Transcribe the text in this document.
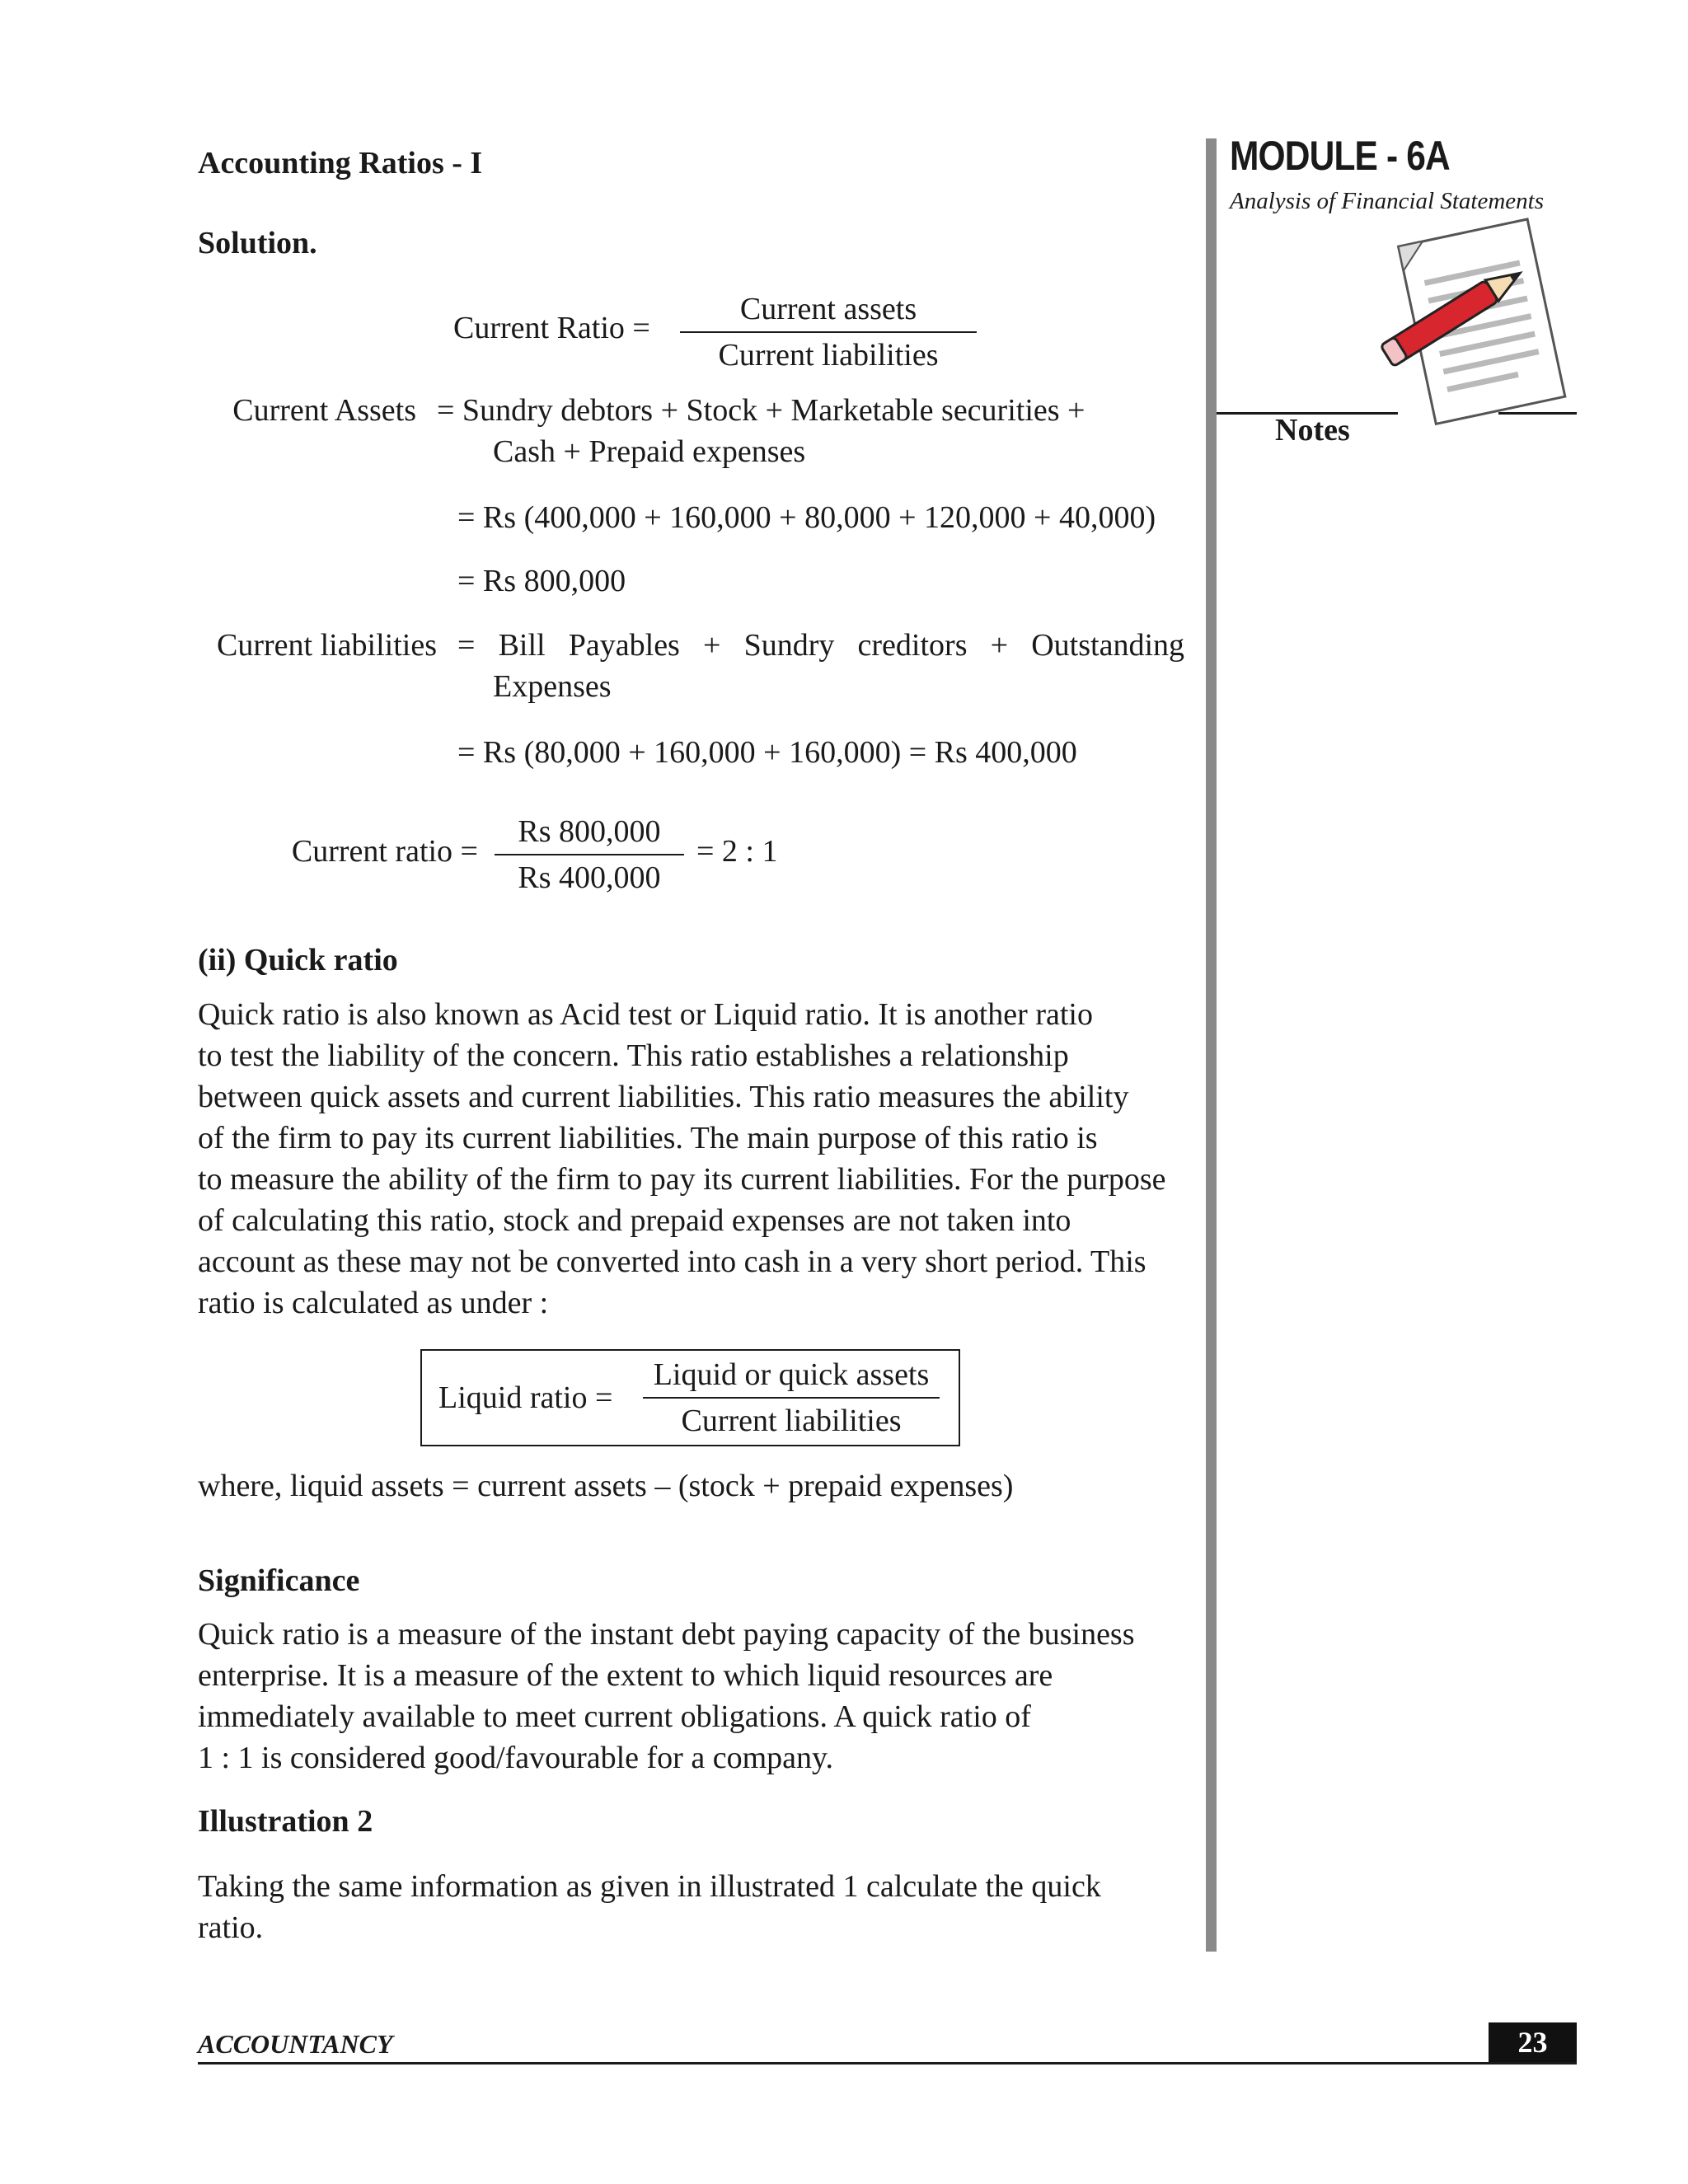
MODULE - 6A
Analysis of Financial Statements
Notes
Accounting Ratios - I
Solution.
Current Ratio =
Current assets
Current liabilities
Current Assets = Sundry debtors + Stock + Marketable securities +
Cash + Prepaid expenses
= Rs (400,000 + 160,000 + 80,000 + 120,000 + 40,000)
= Rs 800,000
Current liabilities = Bill Payables + Sundry creditors + Outstanding
Expenses
= Rs (80,000 + 160,000 + 160,000) = Rs 400,000
Current ratio = $\frac{Rs 800,000}{Rs 400,000} = 2$ : 1
(ii) Quick ratio
Quick ratio is also known as Acid test or Liquid ratio. It is another ratio
to test the liability of the concern. This ratio establishes a relationship
between quick assets and current liabilities. This ratio measures the ability
of the firm to pay its current liabilities. The main purpose of this ratio is
to measure the ability of the firm to pay its current liabilities. For the purpose
of calculating this ratio, stock and prepaid expenses are not taken into
account as these may not be converted into cash in a very short period. This
ratio is calculated as under :
Liquid ratio =
Liquid or quick assets
Current liabilities
where, liquid assets = current assets – (stock + prepaid expenses)
Significance
Quick ratio is a measure of the instant debt paying capacity of the business
enterprise. It is a measure of the extent to which liquid resources are
immediately available to meet current obligations. A quick ratio of
1 : 1 is considered good/favourable for a company.
Illustration 2
Taking the same information as given in illustrated 1 calculate the quick
ratio.
ACCOUNTANCY	23
